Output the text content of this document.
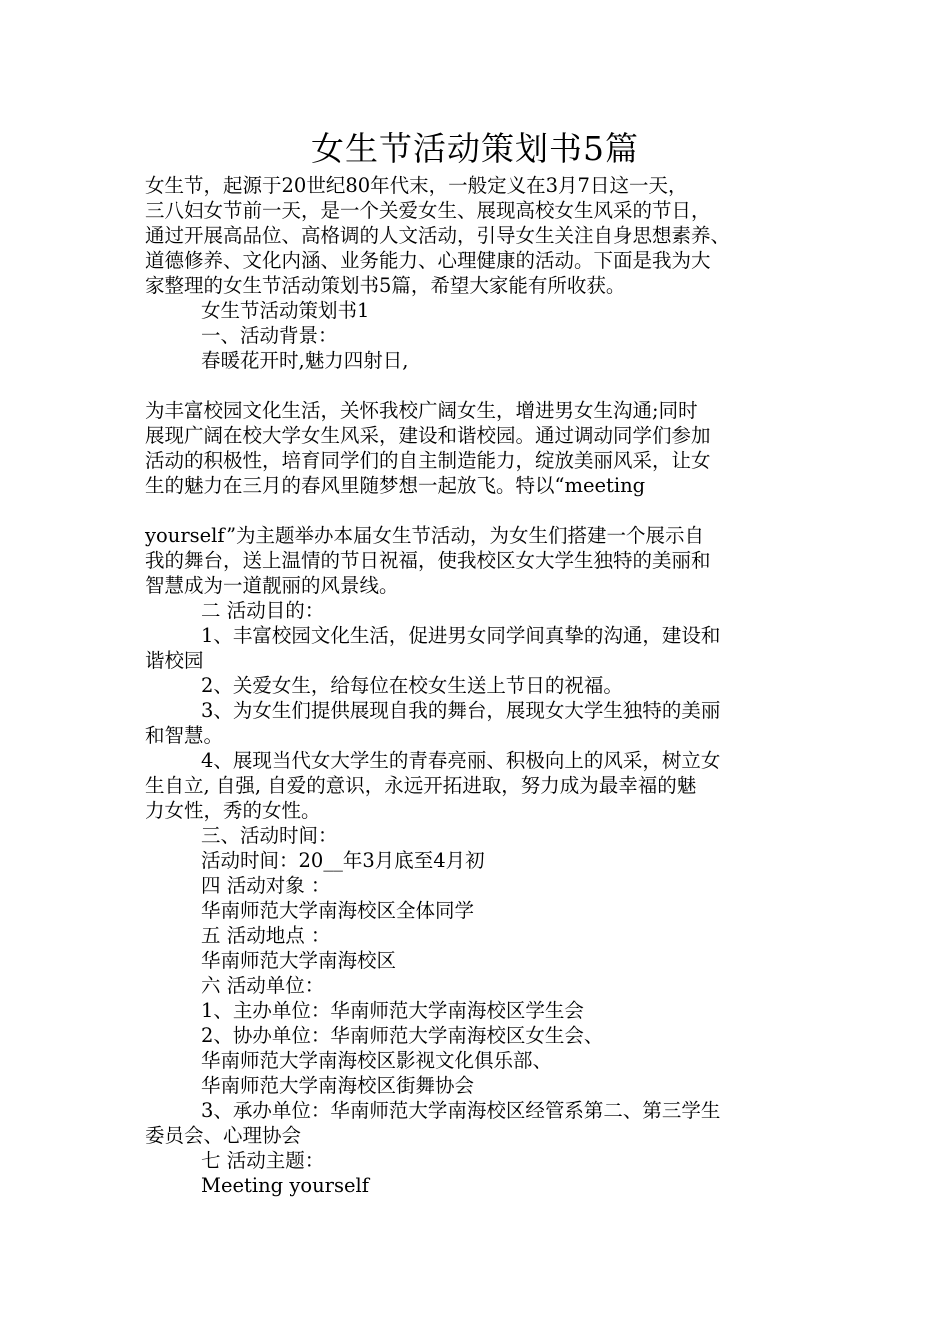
女生节活动策划书5篇
女生节，起源于20世纪80年代末，一般定义在3月7日这一天，
三八妇女节前一天，是一个关爱女生、展现高校女生风采的节日，
通过开展高品位、高格调的人文活动，引导女生关注自身思想素养、
道德修养、文化内涵、业务能力、心理健康的活动。下面是我为大
家整理的女生节活动策划书5篇，希望大家能有所收获。
女生节活动策划书1
一、活动背景：
春暖花开时,魅力四射日,
为丰富校园文化生活，关怀我校广阔女生，增进男女生沟通;同时
展现广阔在校大学女生风采，建设和谐校园。通过调动同学们参加
活动的积极性，培育同学们的自主制造能力，绽放美丽风采，让女
生的魅力在三月的春风里随梦想一起放飞。特以“meeting
yourself”为主题举办本届女生节活动，为女生们搭建一个展示自
我的舞台，送上温情的节日祝福，使我校区女大学生独特的美丽和
智慧成为一道靓丽的风景线。
二 活动目的：
1、丰富校园文化生活，促进男女同学间真挚的沟通，建设和
谐校园
2、关爱女生，给每位在校女生送上节日的祝福。
3、为女生们提供展现自我的舞台，展现女大学生独特的美丽
和智慧。
4、展现当代女大学生的青春亮丽、积极向上的风采，树立女
生自立, 自强, 自爱的意识，永远开拓进取，努力成为最幸福的魅
力女性，秀的女性。
三、活动时间：
活动时间：20__年3月底至4月初
四 活动对象 ：
华南师范大学南海校区全体同学
五 活动地点 ：
华南师范大学南海校区
六 活动单位：
1、主办单位：华南师范大学南海校区学生会
2、协办单位：华南师范大学南海校区女生会、
华南师范大学南海校区影视文化俱乐部、
华南师范大学南海校区街舞协会
3、承办单位：华南师范大学南海校区经管系第二、第三学生
委员会、心理协会
七 活动主题：
Meeting yourself
